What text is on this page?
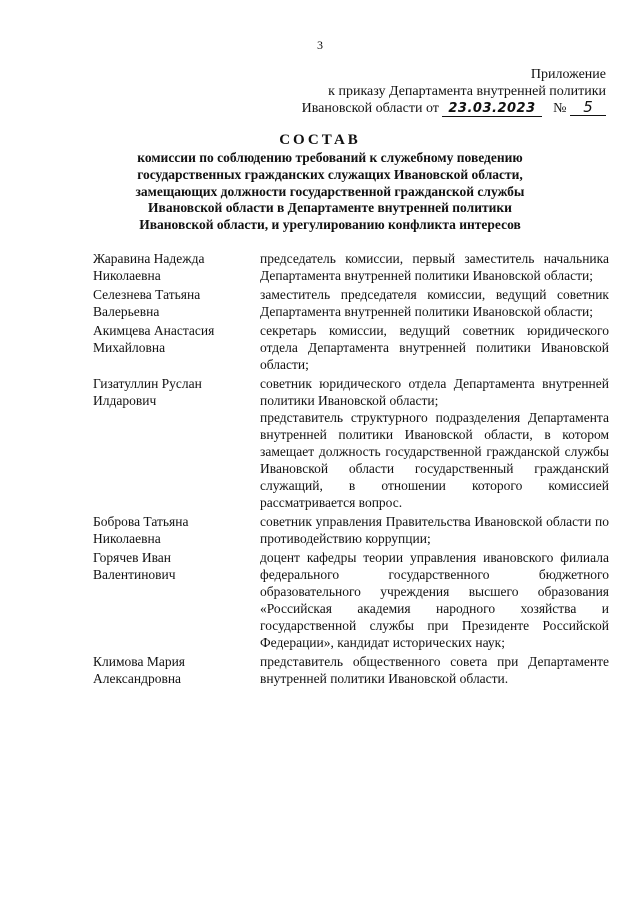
3
Приложение
к приказу Департамента внутренней политики
Ивановской области от 23.03.2023 № 5
СОСТАВ
комиссии по соблюдению требований к служебному поведению
государственных гражданских служащих Ивановской области,
замещающих должности государственной гражданской службы
Ивановской области в Департаменте внутренней политики
Ивановской области, и урегулированию конфликта интересов
Жаравина Надежда
Николаевна

председатель комиссии, первый заместитель начальника Департамента внутренней политики Ивановской области;

Селезнева Татьяна
Валерьевна

заместитель председателя комиссии, ведущий советник Департамента внутренней политики Ивановской области;

Акимцева Анастасия
Михайловна

секретарь комиссии, ведущий советник юридического отдела Департамента внутренней политики Ивановской области;

Гизатуллин Руслан
Илдарович

советник юридического отдела Департамента внутренней политики Ивановской области;

представитель структурного подразделения Департамента внутренней политики Ивановской области, в котором замещает должность государственной гражданской службы Ивановской области государственный гражданский служащий, в отношении которого комиссией рассматривается вопрос.

Боброва Татьяна
Николаевна

советник управления Правительства Ивановской области по противодействию коррупции;

Горячев Иван
Валентинович

доцент кафедры теории управления ивановского филиала федерального государственного бюджетного образовательного учреждения высшего образования «Российская академия народного хозяйства и государственной службы при Президенте Российской Федерации», кандидат исторических наук;

Климова Мария
Александровна

представитель общественного совета при Департаменте внутренней политики Ивановской области.
